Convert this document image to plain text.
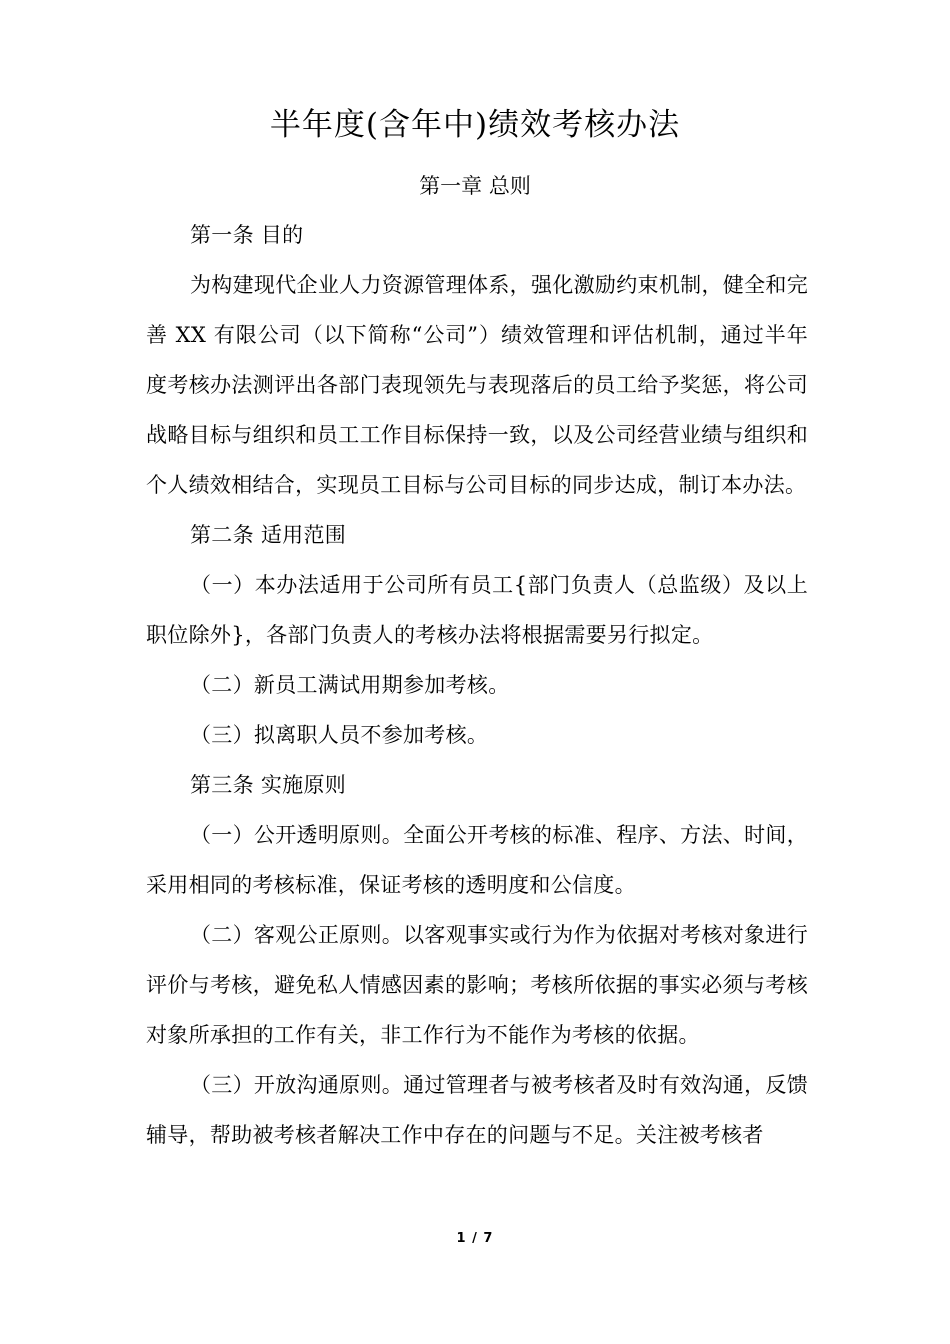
半年度(含年中)绩效考核办法
第一章 总则

第一条 目的

为构建现代企业人力资源管理体系，强化激励约束机制，健全和完善 XX 有限公司（以下简称“公司”）绩效管理和评估机制，通过半年度考核办法测评出各部门表现领先与表现落后的员工给予奖惩，将公司战略目标与组织和员工工作目标保持一致，以及公司经营业绩与组织和个人绩效相结合，实现员工目标与公司目标的同步达成，制订本办法。

第二条 适用范围

（一）本办法适用于公司所有员工{部门负责人（总监级）及以上职位除外}，各部门负责人的考核办法将根据需要另行拟定。

（二）新员工满试用期参加考核。

（三）拟离职人员不参加考核。

第三条 实施原则

（一）公开透明原则。全面公开考核的标准、程序、方法、时间，采用相同的考核标准，保证考核的透明度和公信度。

（二）客观公正原则。以客观事实或行为作为依据对考核对象进行评价与考核，避免私人情感因素的影响；考核所依据的事实必须与考核对象所承担的工作有关，非工作行为不能作为考核的依据。

（三）开放沟通原则。通过管理者与被考核者及时有效沟通，反馈辅导，帮助被考核者解决工作中存在的问题与不足。关注被考核者

1 / 7
